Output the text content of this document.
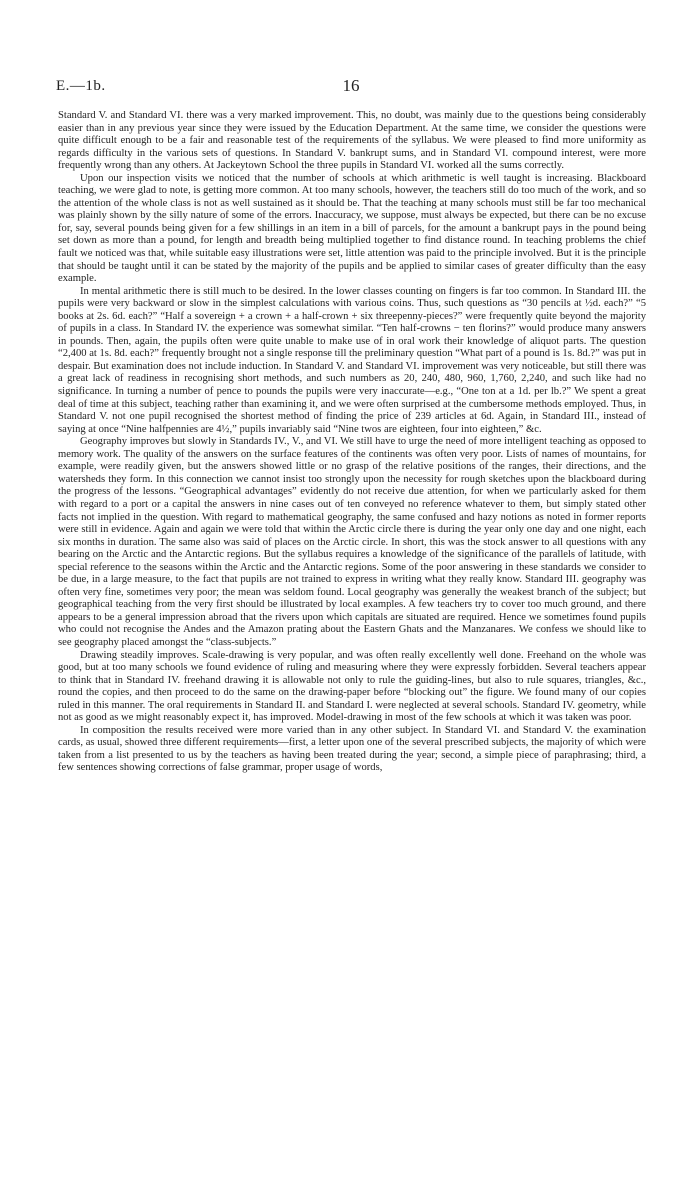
E.—1b.	16

Standard V. and Standard VI. there was a very marked improvement. This, no doubt, was mainly due to the questions being considerably easier than in any previous year since they were issued by the Education Department. At the same time, we consider the questions were quite difficult enough to be a fair and reasonable test of the requirements of the syllabus. We were pleased to find more uniformity as regards difficulty in the various sets of questions. In Standard V. bankrupt sums, and in Standard VI. compound interest, were more frequently wrong than any others. At Jackeytown School the three pupils in Standard VI. worked all the sums correctly.

Upon our inspection visits we noticed that the number of schools at which arithmetic is well taught is increasing. Blackboard teaching, we were glad to note, is getting more common. At too many schools, however, the teachers still do too much of the work, and so the attention of the whole class is not as well sustained as it should be. That the teaching at many schools must still be far too mechanical was plainly shown by the silly nature of some of the errors. Inaccuracy, we suppose, must always be expected, but there can be no excuse for, say, several pounds being given for a few shillings in an item in a bill of parcels, for the amount a bankrupt pays in the pound being set down as more than a pound, for length and breadth being multiplied together to find distance round. In teaching problems the chief fault we noticed was that, while suitable easy illustrations were set, little attention was paid to the principle involved. But it is the principle that should be taught until it can be stated by the majority of the pupils and be applied to similar cases of greater difficulty than the easy example.

In mental arithmetic there is still much to be desired. In the lower classes counting on fingers is far too common. In Standard III. the pupils were very backward or slow in the simplest calculations with various coins. Thus, such questions as “30 pencils at ½d. each?” “5 books at 2s. 6d. each?” “Half a sovereign + a crown + a half-crown + six threepenny-pieces?” were frequently quite beyond the majority of pupils in a class. In Standard IV. the experience was somewhat similar. “Ten half-crowns − ten florins?” would produce many answers in pounds. Then, again, the pupils often were quite unable to make use of in oral work their knowledge of aliquot parts. The question “2,400 at 1s. 8d. each?” frequently brought not a single response till the preliminary question “What part of a pound is 1s. 8d.?” was put in despair. But examination does not include induction. In Standard V. and Standard VI. improvement was very noticeable, but still there was a great lack of readiness in recognising short methods, and such numbers as 20, 240, 480, 960, 1,760, 2,240, and such like had no significance. In turning a number of pence to pounds the pupils were very inaccurate—e.g., “One ton at a 1d. per lb.?” We spent a great deal of time at this subject, teaching rather than examining it, and we were often surprised at the cumbersome methods employed. Thus, in Standard V. not one pupil recognised the shortest method of finding the price of 239 articles at 6d. Again, in Standard III., instead of saying at once “Nine halfpennies are 4½,” pupils invariably said “Nine twos are eighteen, four into eighteen,” &c.

Geography improves but slowly in Standards IV., V., and VI. We still have to urge the need of more intelligent teaching as opposed to memory work. The quality of the answers on the surface features of the continents was often very poor. Lists of names of mountains, for example, were readily given, but the answers showed little or no grasp of the relative positions of the ranges, their directions, and the watersheds they form. In this connection we cannot insist too strongly upon the necessity for rough sketches upon the blackboard during the progress of the lessons. “Geographical advantages” evidently do not receive due attention, for when we particularly asked for them with regard to a port or a capital the answers in nine cases out of ten conveyed no reference whatever to them, but simply stated other facts not implied in the question. With regard to mathematical geography, the same confused and hazy notions as noted in former reports were still in evidence. Again and again we were told that within the Arctic circle there is during the year only one day and one night, each six months in duration. The same also was said of places on the Arctic circle. In short, this was the stock answer to all questions with any bearing on the Arctic and the Antarctic regions. But the syllabus requires a knowledge of the significance of the parallels of latitude, with special reference to the seasons within the Arctic and the Antarctic regions. Some of the poor answering in these standards we consider to be due, in a large measure, to the fact that pupils are not trained to express in writing what they really know. Standard III. geography was often very fine, sometimes very poor; the mean was seldom found. Local geography was generally the weakest branch of the subject; but geographical teaching from the very first should be illustrated by local examples. A few teachers try to cover too much ground, and there appears to be a general impression abroad that the rivers upon which capitals are situated are required. Hence we sometimes found pupils who could not recognise the Andes and the Amazon prating about the Eastern Ghats and the Manzanares. We confess we should like to see geography placed amongst the “class-subjects.”

Drawing steadily improves. Scale-drawing is very popular, and was often really excellently well done. Freehand on the whole was good, but at too many schools we found evidence of ruling and measuring where they were expressly forbidden. Several teachers appear to think that in Standard IV. freehand drawing it is allowable not only to rule the guiding-lines, but also to rule squares, triangles, &c., round the copies, and then proceed to do the same on the drawing-paper before “blocking out” the figure. We found many of our copies ruled in this manner. The oral requirements in Standard II. and Standard I. were neglected at several schools. Standard IV. geometry, while not as good as we might reasonably expect it, has improved. Model-drawing in most of the few schools at which it was taken was poor.

In composition the results received were more varied than in any other subject. In Standard VI. and Standard V. the examination cards, as usual, showed three different requirements—first, a letter upon one of the several prescribed subjects, the majority of which were taken from a list presented to us by the teachers as having been treated during the year; second, a simple piece of paraphrasing; third, a few sentences showing corrections of false grammar, proper usage of words,
